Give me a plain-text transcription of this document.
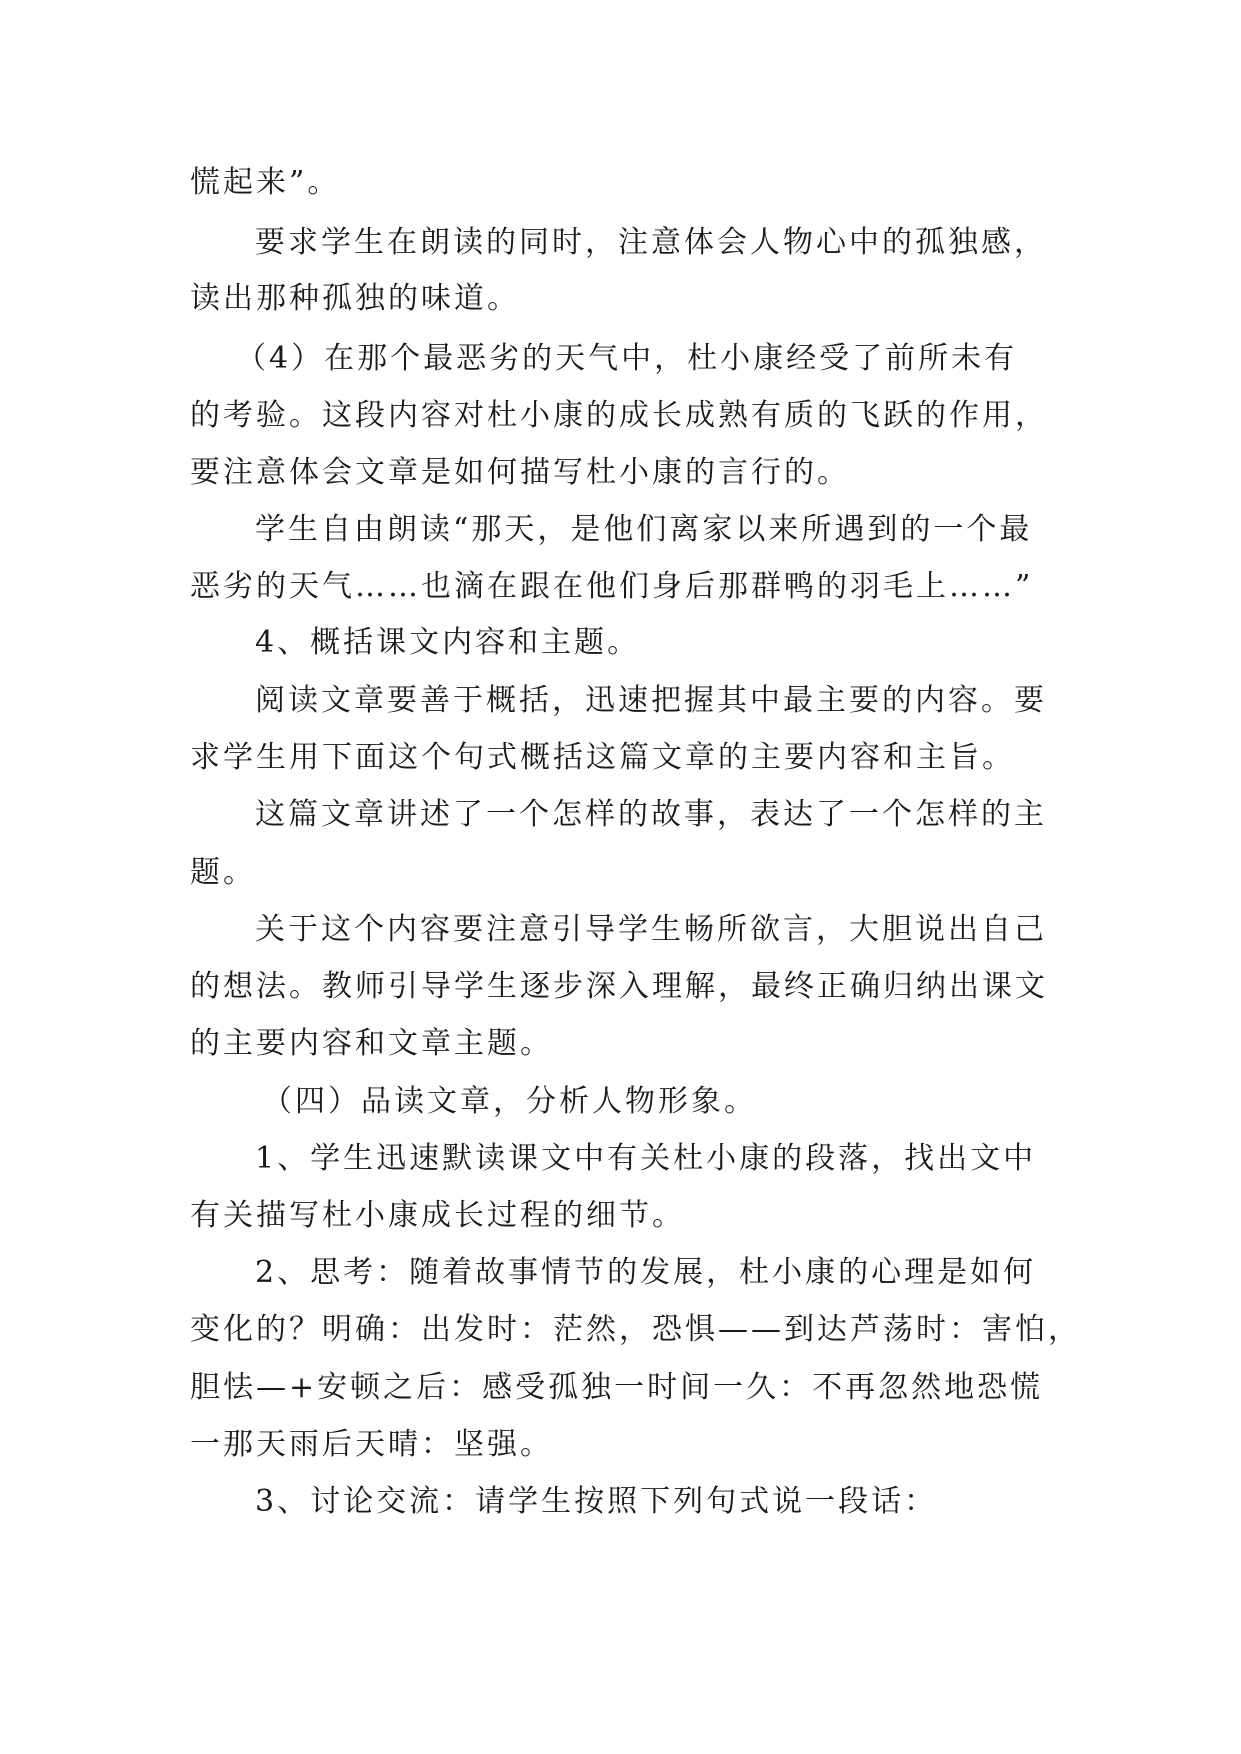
慌起来”。
要求学生在朗读的同时，注意体会人物心中的孤独感，
读出那种孤独的味道。
（4）在那个最恶劣的天气中，杜小康经受了前所未有
的考验。这段内容对杜小康的成长成熟有质的飞跃的作用，
要注意体会文章是如何描写杜小康的言行的。
学生自由朗读“那天，是他们离家以来所遇到的一个最
恶劣的天气……也滴在跟在他们身后那群鸭的羽毛上……”
4、概括课文内容和主题。
阅读文章要善于概括，迅速把握其中最主要的内容。要
求学生用下面这个句式概括这篇文章的主要内容和主旨。
这篇文章讲述了一个怎样的故事，表达了一个怎样的主
题。
关于这个内容要注意引导学生畅所欲言，大胆说出自己
的想法。教师引导学生逐步深入理解，最终正确归纳出课文
的主要内容和文章主题。
（四）品读文章，分析人物形象。
1、学生迅速默读课文中有关杜小康的段落，找出文中
有关描写杜小康成长过程的细节。
2、思考：随着故事情节的发展，杜小康的心理是如何
变化的？明确：出发时：茫然，恐惧——到达芦荡时：害怕，
胆怯—+安顿之后：感受孤独一时间一久：不再忽然地恐慌
一那天雨后天晴：坚强。
3、讨论交流：请学生按照下列句式说一段话：
